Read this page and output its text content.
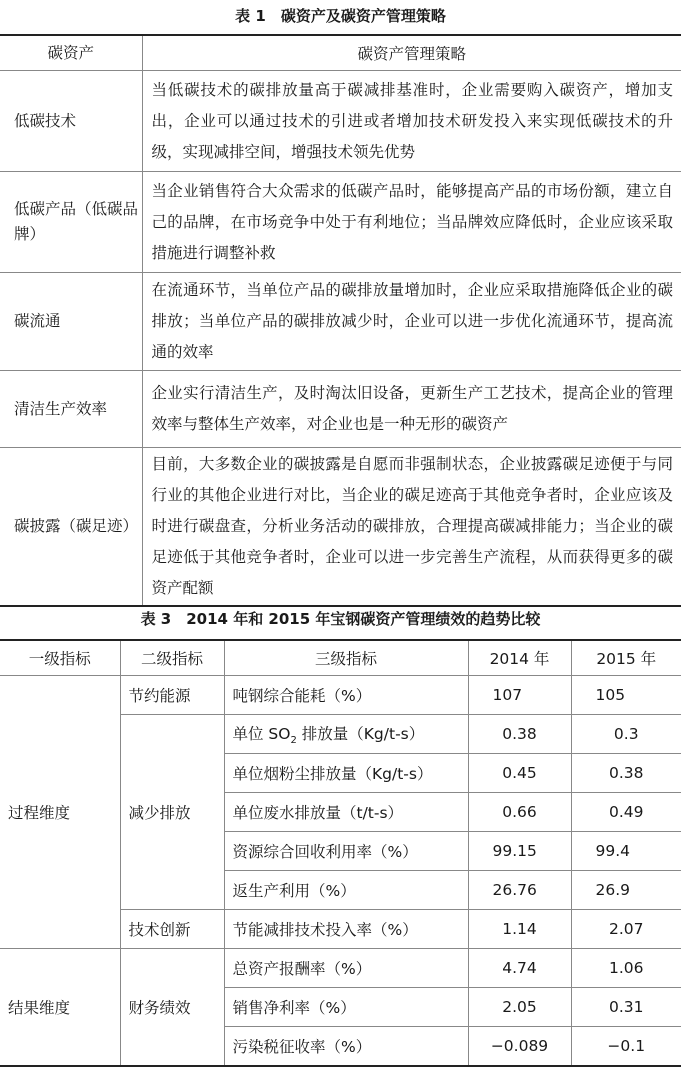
表 1　碳资产及碳资产管理策略
碳资产	碳资产管理策略
低碳技术	当低碳技术的碳排放量高于碳减排基准时，企业需要购入碳资产，增加支出，企业可以通过技术的引进或者增加技术研发投入来实现低碳技术的升级，实现减排空间，增强技术领先优势
低碳产品（低碳品牌）	当企业销售符合大众需求的低碳产品时，能够提高产品的市场份额，建立自己的品牌，在市场竞争中处于有利地位；当品牌效应降低时，企业应该采取措施进行调整补救
碳流通	在流通环节，当单位产品的碳排放量增加时，企业应采取措施降低企业的碳排放；当单位产品的碳排放减少时，企业可以进一步优化流通环节，提高流通的效率
清洁生产效率	企业实行清洁生产，及时淘汰旧设备，更新生产工艺技术，提高企业的管理效率与整体生产效率，对企业也是一种无形的碳资产
碳披露（碳足迹）	目前，大多数企业的碳披露是自愿而非强制状态，企业披露碳足迹便于与同行业的其他企业进行对比，当企业的碳足迹高于其他竞争者时，企业应该及时进行碳盘查，分析业务活动的碳排放，合理提高碳减排能力；当企业的碳足迹低于其他竞争者时，企业可以进一步完善生产流程，从而获得更多的碳资产配额
表 3　2014 年和 2015 年宝钢碳资产管理绩效的趋势比较
一级指标	二级指标	三级指标	2014 年	2015 年
过程维度	节约能源	吨钢综合能耗（%）	107	105
	减少排放	单位 $SO_2$ 排放量（Kg/t-s）	0.38	0.3
		单位烟粉尘排放量（Kg/t-s）	0.45	0.38
		单位废水排放量（t/t-s）	0.66	0.49
		资源综合回收利用率（%）	99.15	99.4
		返生产利用（%）	26.76	26.9
	技术创新	节能减排技术投入率（%）	1.14	2.07
结果维度	财务绩效	总资产报酬率（%）	4.74	1.06
		销售净利率（%）	2.05	0.31
		污染税征收率（%）	−0.089	−0.1
